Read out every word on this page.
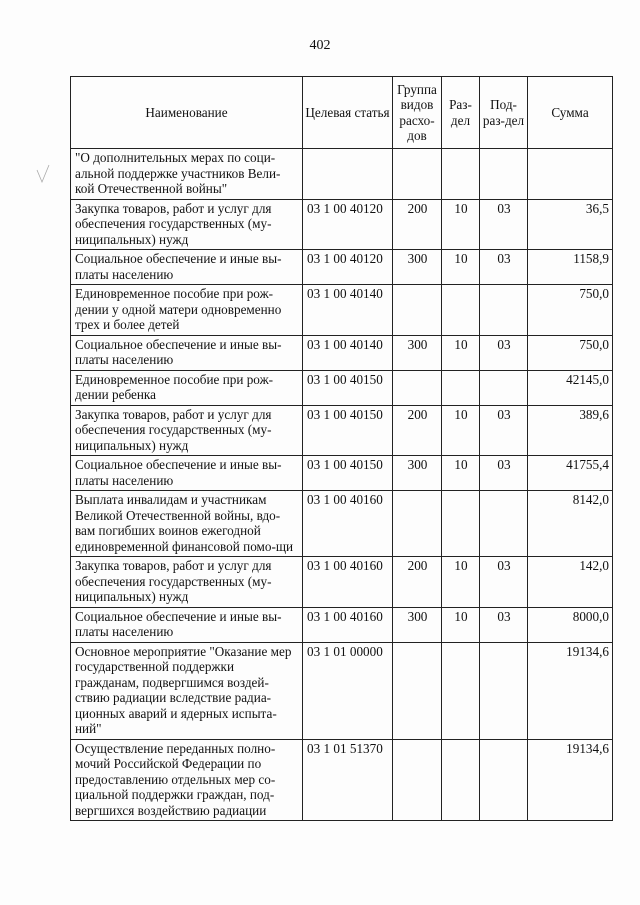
402
Наименование	Целевая статья	Группа видов расхо-дов	Раз-дел	Под-раз-дел	Сумма
"О дополнительных мерах по соци-альной поддержке участников Вели-кой Отечественной войны"					
Закупка товаров, работ и услуг для обеспечения государственных (му-ниципальных) нужд	03 1 00 40120	200	10	03	36,5
Социальное обеспечение и иные вы-платы населению	03 1 00 40120	300	10	03	1158,9
Единовременное пособие при рож-дении у одной матери одновременно трех и более детей	03 1 00 40140				750,0
Социальное обеспечение и иные вы-платы населению	03 1 00 40140	300	10	03	750,0
Единовременное пособие при рож-дении ребенка	03 1 00 40150				42145,0
Закупка товаров, работ и услуг для обеспечения государственных (му-ниципальных) нужд	03 1 00 40150	200	10	03	389,6
Социальное обеспечение и иные вы-платы населению	03 1 00 40150	300	10	03	41755,4
Выплата инвалидам и участникам Великой Отечественной войны, вдо-вам погибших воинов ежегодной единовременной финансовой помо-щи	03 1 00 40160				8142,0
Закупка товаров, работ и услуг для обеспечения государственных (му-ниципальных) нужд	03 1 00 40160	200	10	03	142,0
Социальное обеспечение и иные вы-платы населению	03 1 00 40160	300	10	03	8000,0
Основное мероприятие "Оказание мер государственной поддержки гражданам, подвергшимся воздей-ствию радиации вследствие радиа-ционных аварий и ядерных испыта-ний"	03 1 01 00000				19134,6
Осуществление переданных полно-мочий Российской Федерации по предоставлению отдельных мер со-циальной поддержки граждан, под-вергшихся воздействию радиации	03 1 01 51370				19134,6
